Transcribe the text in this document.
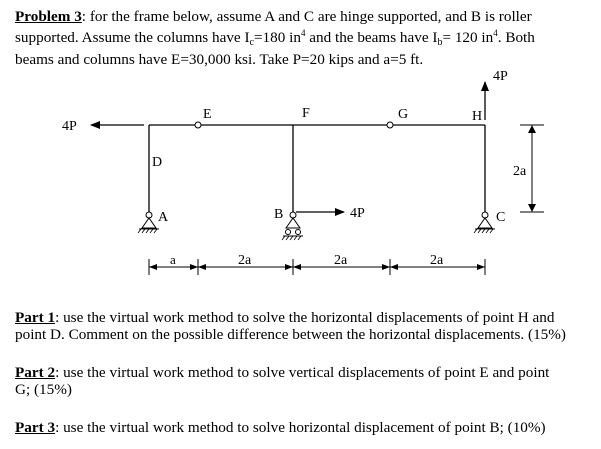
Problem 3: for the frame below, assume A and C are hinge supported, and B is roller
supported. Assume the columns have $I_c=180$ $in^4$ and the beams have $I_b= 120$ $in^4$. Both
beams and columns have E=30,000 ksi. Take P=20 kips and a=5 ft.
4P
4P
4P
D
E	F	G	H
A	B	C
2a
a	2a	2a	2a
Part 1: use the virtual work method to solve the horizontal displacements of point H and
point D. Comment on the possible difference between the horizontal displacements. (15%)
Part 2: use the virtual work method to solve vertical displacements of point E and point
G; (15%)
Part 3: use the virtual work method to solve horizontal displacement of point B; (10%)
